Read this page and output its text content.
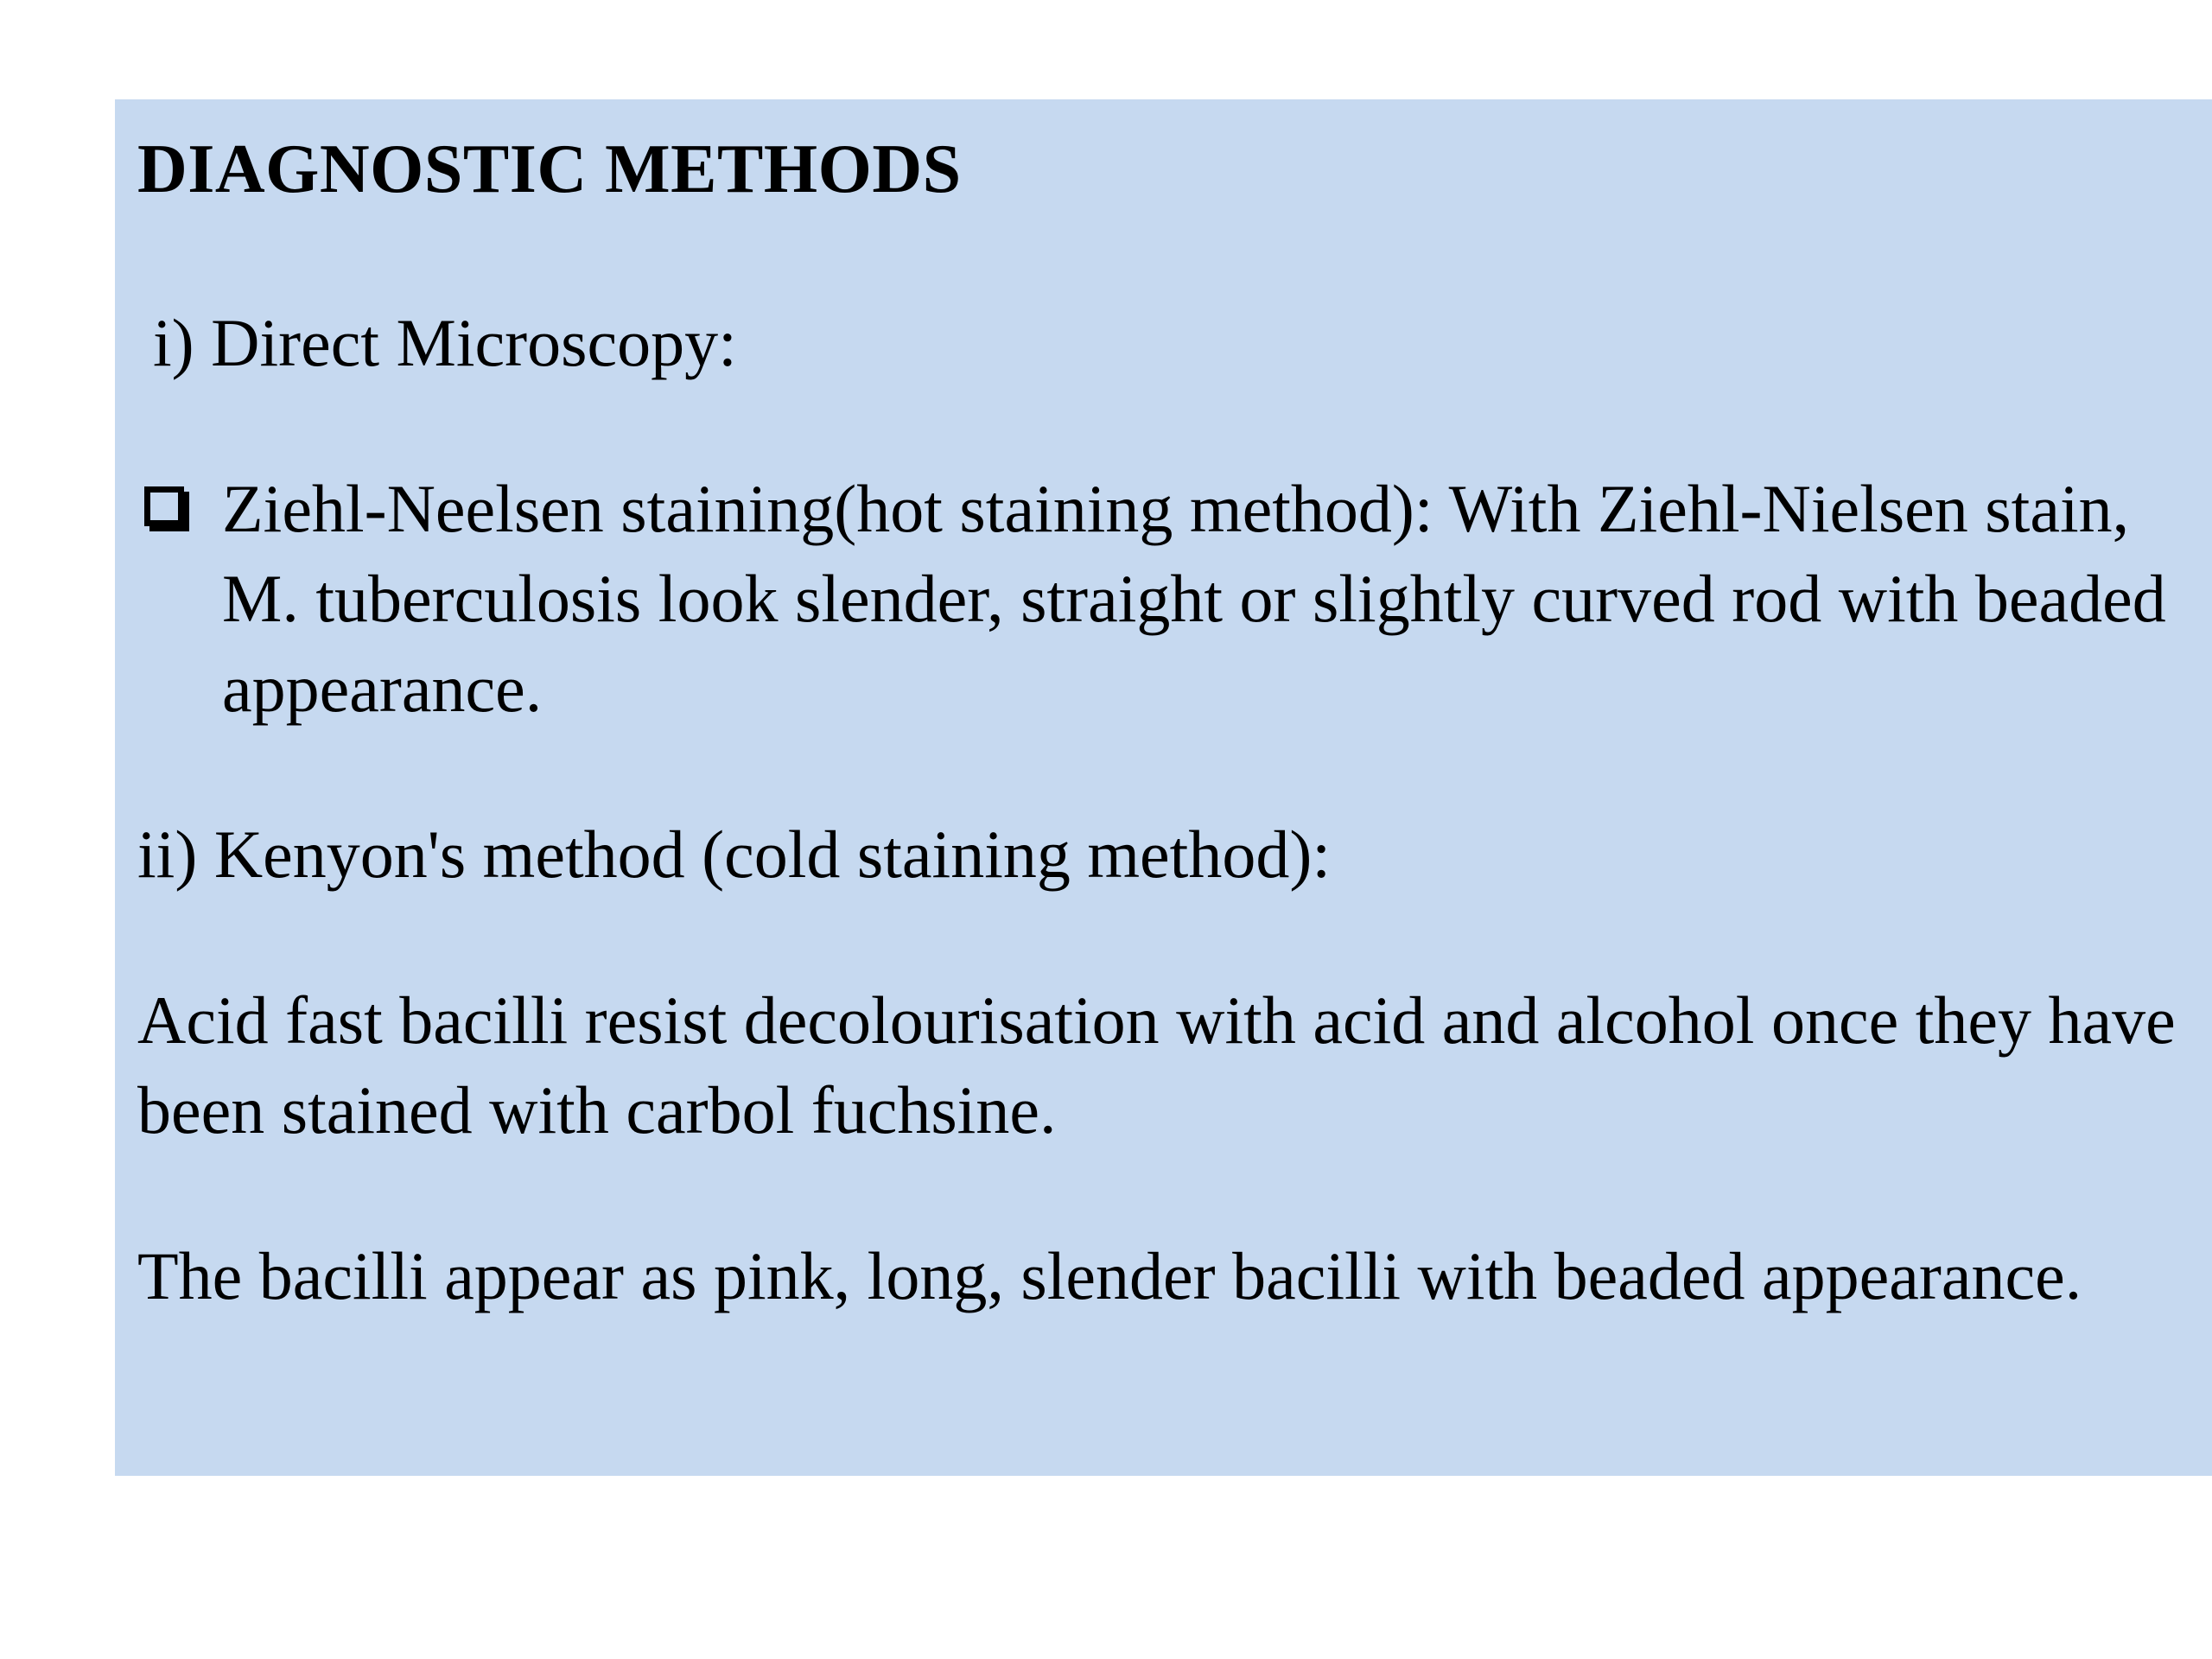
DIAGNOSTIC METHODS

i) Direct Microscopy:

Ziehl-Neelsen staining(hot staining method): With Ziehl-Nielsen stain, M. tuberculosis look slender, straight or slightly curved rod with beaded appearance.

ii) Kenyon's method (cold staining method):

Acid fast bacilli resist decolourisation with acid and alcohol once they have been stained with carbol fuchsine.

The bacilli appear as pink, long, slender bacilli with beaded appearance.
